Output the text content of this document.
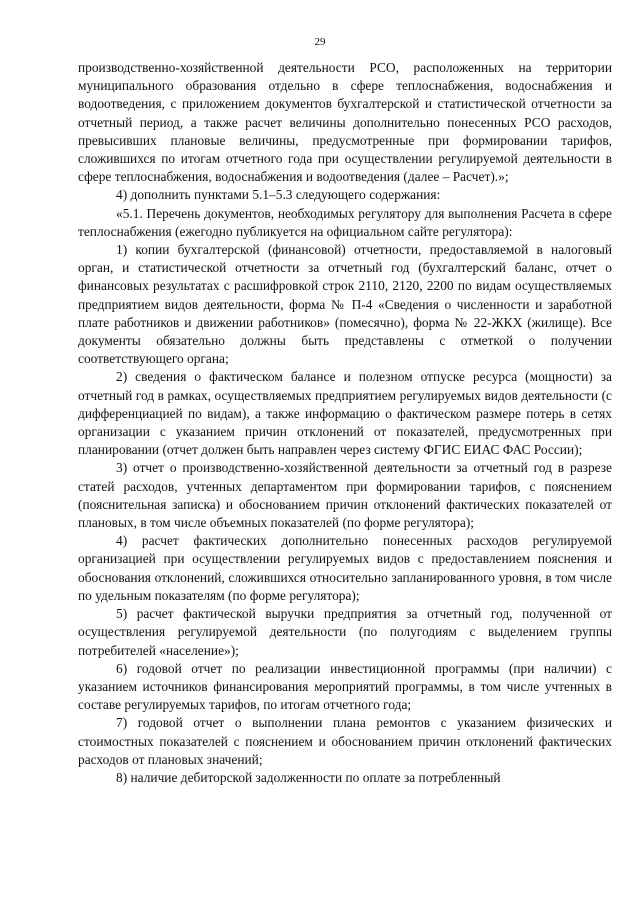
29

производственно-хозяйственной деятельности РСО, расположенных на территории муниципального образования отдельно в сфере теплоснабжения, водоснабжения и водоотведения, с приложением документов бухгалтерской и статистической отчетности за отчетный период, а также расчет величины дополнительно понесенных РСО расходов, превысивших плановые величины, предусмотренные при формировании тарифов, сложившихся по итогам отчетного года при осуществлении регулируемой деятельности в сфере теплоснабжения, водоснабжения и водоотведения (далее – Расчет).»;

4) дополнить пунктами 5.1–5.3 следующего содержания:

«5.1. Перечень документов, необходимых регулятору для выполнения Расчета в сфере теплоснабжения (ежегодно публикуется на официальном сайте регулятора):

1) копии бухгалтерской (финансовой) отчетности, предоставляемой в налоговый орган, и статистической отчетности за отчетный год (бухгалтерский баланс, отчет о финансовых результатах с расшифровкой строк 2110, 2120, 2200 по видам осуществляемых предприятием видов деятельности, форма № П-4 «Сведения о численности и заработной плате работников и движении работников» (помесячно), форма № 22-ЖКХ (жилище). Все документы обязательно должны быть представлены с отметкой о получении соответствующего органа;

2) сведения о фактическом балансе и полезном отпуске ресурса (мощности) за отчетный год в рамках, осуществляемых предприятием регулируемых видов деятельности (с дифференциацией по видам), а также информацию о фактическом размере потерь в сетях организации с указанием причин отклонений от показателей, предусмотренных при планировании (отчет должен быть направлен через систему ФГИС ЕИАС ФАС России);

3) отчет о производственно-хозяйственной деятельности за отчетный год в разрезе статей расходов, учтенных департаментом при формировании тарифов, с пояснением (пояснительная записка) и обоснованием причин отклонений фактических показателей от плановых, в том числе объемных показателей (по форме регулятора);

4) расчет фактических дополнительно понесенных расходов регулируемой организацией при осуществлении регулируемых видов с предоставлением пояснения и обоснования отклонений, сложившихся относительно запланированного уровня, в том числе по удельным показателям (по форме регулятора);

5) расчет фактической выручки предприятия за отчетный год, полученной от осуществления регулируемой деятельности (по полугодиям с выделением группы потребителей «население»);

6) годовой отчет по реализации инвестиционной программы (при наличии) с указанием источников финансирования мероприятий программы, в том числе учтенных в составе регулируемых тарифов, по итогам отчетного года;

7) годовой отчет о выполнении плана ремонтов с указанием физических и стоимостных показателей с пояснением и обоснованием причин отклонений фактических расходов от плановых значений;

8) наличие дебиторской задолженности по оплате за потребленный
